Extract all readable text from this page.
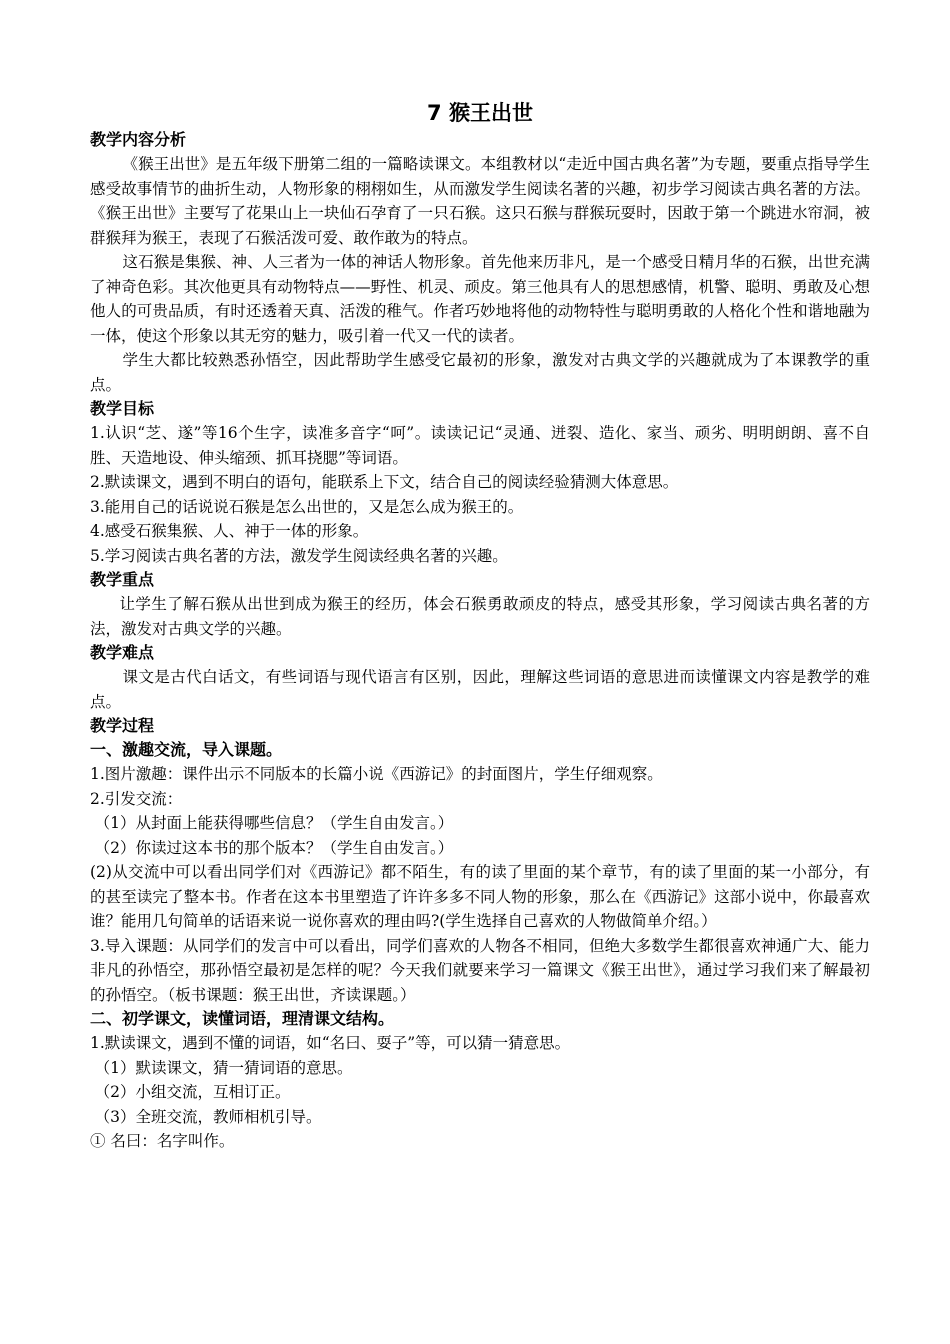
7 猴王出世
教学内容分析

《猴王出世》是五年级下册第二组的一篇略读课文。本组教材以“走近中国古典名著”为专题，要重点指导学生感受故事情节的曲折生动，人物形象的栩栩如生，从而激发学生阅读名著的兴趣，初步学习阅读古典名著的方法。《猴王出世》主要写了花果山上一块仙石孕育了一只石猴。这只石猴与群猴玩耍时，因敢于第一个跳进水帘洞，被群猴拜为猴王，表现了石猴活泼可爱、敢作敢为的特点。

这石猴是集猴、神、人三者为一体的神话人物形象。首先他来历非凡，是一个感受日精月华的石猴，出世充满了神奇色彩。其次他更具有动物特点——野性、机灵、顽皮。第三他具有人的思想感情，机警、聪明、勇敢及心想他人的可贵品质，有时还透着天真、活泼的稚气。作者巧妙地将他的动物特性与聪明勇敢的人格化个性和谐地融为一体，使这个形象以其无穷的魅力，吸引着一代又一代的读者。

学生大都比较熟悉孙悟空，因此帮助学生感受它最初的形象，激发对古典文学的兴趣就成为了本课教学的重点。

教学目标

1.认识“芝、遂”等16个生字，读准多音字“呵”。读读记记“灵通、迸裂、造化、家当、顽劣、明明朗朗、喜不自胜、天造地设、伸头缩颈、抓耳挠腮”等词语。

2.默读课文，遇到不明白的语句，能联系上下文，结合自己的阅读经验猜测大体意思。

3.能用自己的话说说石猴是怎么出世的，又是怎么成为猴王的。

4.感受石猴集猴、人、神于一体的形象。

5.学习阅读古典名著的方法，激发学生阅读经典名著的兴趣。

教学重点

让学生了解石猴从出世到成为猴王的经历，体会石猴勇敢顽皮的特点，感受其形象，学习阅读古典名著的方法，激发对古典文学的兴趣。

教学难点

课文是古代白话文，有些词语与现代语言有区别，因此，理解这些词语的意思进而读懂课文内容是教学的难点。

教学过程
一、激趣交流，导入课题。

1.图片激趣：课件出示不同版本的长篇小说《西游记》的封面图片，学生仔细观察。

2.引发交流：

（1）从封面上能获得哪些信息？（学生自由发言。）

（2）你读过这本书的那个版本？（学生自由发言。）

(2)从交流中可以看出同学们对《西游记》都不陌生，有的读了里面的某个章节，有的读了里面的某一小部分，有的甚至读完了整本书。作者在这本书里塑造了许许多多不同人物的形象，那么在《西游记》这部小说中，你最喜欢谁？能用几句简单的话语来说一说你喜欢的理由吗?(学生选择自己喜欢的人物做简单介绍。）

3.导入课题：从同学们的发言中可以看出，同学们喜欢的人物各不相同，但绝大多数学生都很喜欢神通广大、能力非凡的孙悟空，那孙悟空最初是怎样的呢？今天我们就要来学习一篇课文《猴王出世》，通过学习我们来了解最初的孙悟空。（板书课题：猴王出世，齐读课题。）

二、初学课文，读懂词语，理清课文结构。

1.默读课文，遇到不懂的词语，如“名曰、耍子”等，可以猜一猜意思。

（1）默读课文，猜一猜词语的意思。

（2）小组交流，互相订正。

（3）全班交流，教师相机引导。

① 名曰：名字叫作。
